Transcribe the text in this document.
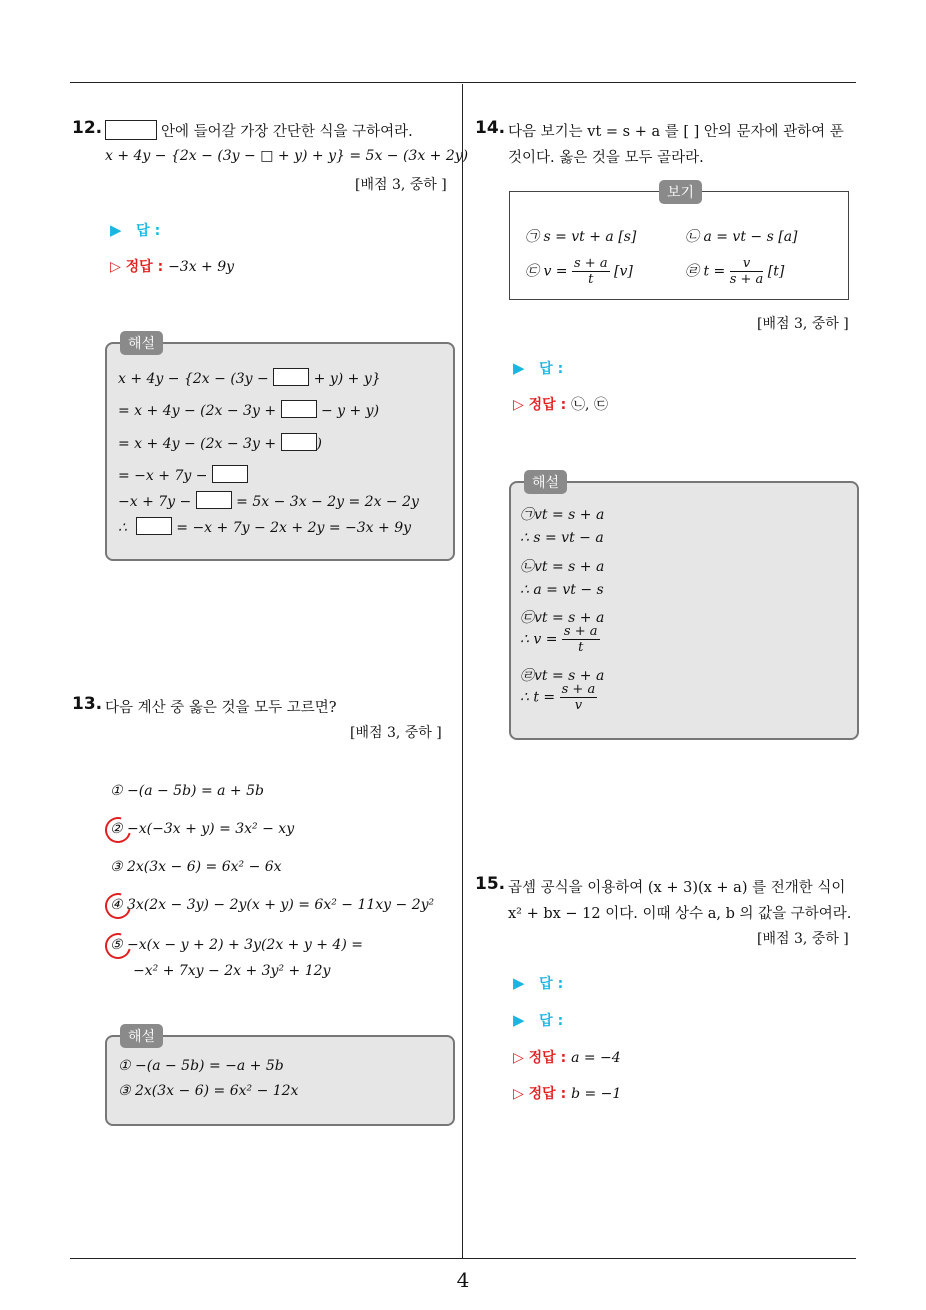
12.	안에 들어갈 가장 간단한 식을 구하여라.
x + 4y − {2x − (3y − □ + y) + y} = 5x − (3x + 2y)
[배점 3, 중하 ]
▶ 답 :
▷ 정답 : −3x + 9y
해설
x + 4y − {2x − (3y −	+ y) + y}
= x + 4y − (2x − 3y +	− y + y)
= x + 4y − (2x − 3y +	)
= −x + 7y −
−x + 7y −	= 5x − 3x − 2y = 2x − 2y
∴	= −x + 7y − 2x + 2y = −3x + 9y
13. 다음 계산 중 옳은 것을 모두 고르면?
[배점 3, 중하 ]
① −(a − 5b) = a + 5b
② −x(−3x + y) = 3x² − xy
③ 2x(3x − 6) = 6x² − 6x
④ 3x(2x − 3y) − 2y(x + y) = 6x² − 11xy − 2y²
⑤ −x(x − y + 2) + 3y(2x + y + 4) =
−x² + 7xy − 2x + 3y² + 12y
해설
① −(a − 5b) = −a + 5b
③ 2x(3x − 6) = 6x² − 12x
14. 다음 보기는 vt = s + a 를 [ ] 안의 문자에 관하여 푼
것이다. 옳은 것을 모두 골라라.
보기
㉠ s = vt + a [s]	㉡ a = vt − s [a]
㉢ $v = \frac{s + a}{t} [v]$	㉣ $t = \frac{v}{s + a} [t]$
[배점 3, 중하 ]
▶ 답 :
▷ 정답 : ㉡, ㉢
해설
㉠vt = s + a
∴ s = vt − a
㉡vt = s + a
∴ a = vt − s
㉢vt = s + a
∴ $v = \frac{s + a}{t}$
㉣vt = s + a
∴ $t = \frac{s + a}{v}$
15. 곱셈 공식을 이용하여 (x + 3)(x + a) 를 전개한 식이
x² + bx − 12 이다. 이때 상수 a, b 의 값을 구하여라.
[배점 3, 중하 ]
▶ 답 :
▶ 답 :
▷ 정답 : a = −4
▷ 정답 : b = −1
4
